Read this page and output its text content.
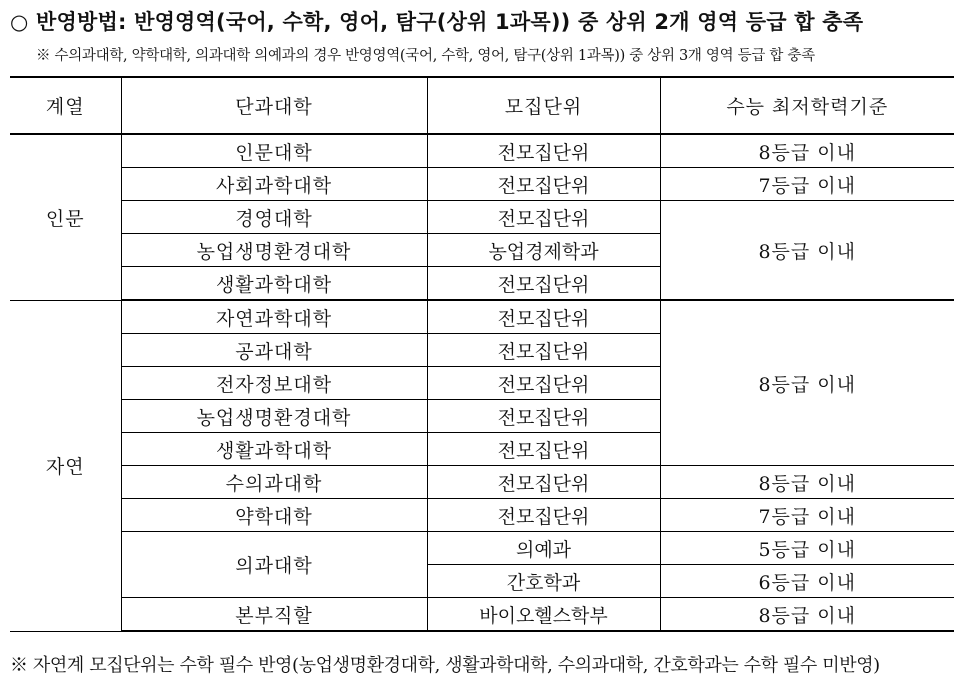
○ 반영방법: 반영영역(국어, 수학, 영어, 탐구(상위 1과목)) 중 상위 2개 영역 등급 합 충족
※ 수의과대학, 약학대학, 의과대학 의예과의 경우 반영영역(국어, 수학, 영어, 탐구(상위 1과목)) 중 상위 3개 영역 등급 합 충족
계열	단과대학	모집단위	수능 최저학력기준
인문	인문대학	전모집단위	8등급 이내
	사회과학대학	전모집단위	7등급 이내
	경영대학	전모집단위	8등급 이내
	농업생명환경대학	농업경제학과	
	생활과학대학	전모집단위	
자연	자연과학대학	전모집단위	8등급 이내
	공과대학	전모집단위	
	전자정보대학	전모집단위	
	농업생명환경대학	전모집단위	
	생활과학대학	전모집단위	
	수의과대학	전모집단위	8등급 이내
	약학대학	전모집단위	7등급 이내
	의과대학	의예과	5등급 이내
		간호학과	6등급 이내
	본부직할	바이오헬스학부	8등급 이내
※ 자연계 모집단위는 수학 필수 반영(농업생명환경대학, 생활과학대학, 수의과대학, 간호학과는 수학 필수 미반영)
